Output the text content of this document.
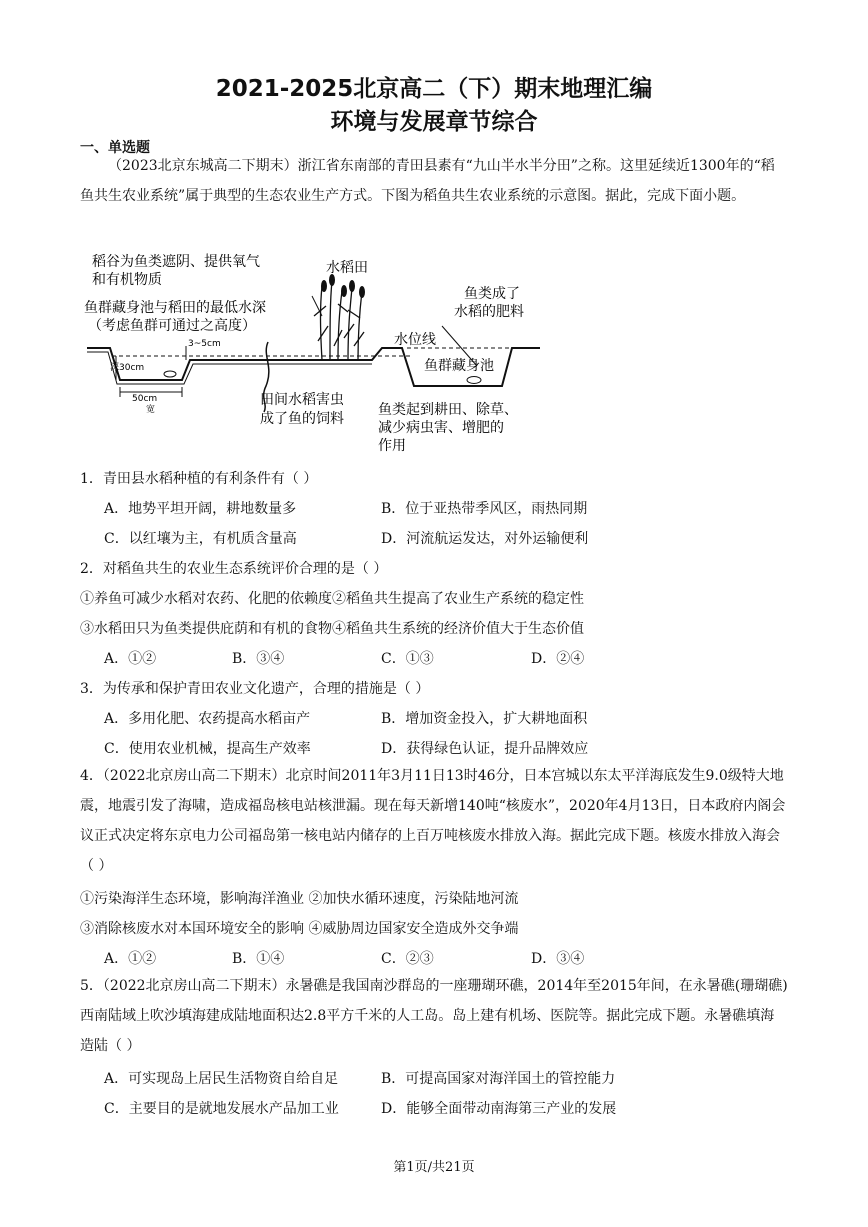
2021-2025北京高二（下）期末地理汇编
环境与发展章节综合
一、单选题
（2023北京东城高二下期末）浙江省东南部的青田县素有“九山半水半分田”之称。这里延续近1300年的“稻鱼共生农业系统”属于典型的生态农业生产方式。下图为稻鱼共生农业系统的示意图。据此，完成下面小题。
稻谷为鱼类遮阴、提供氧气
和有机物质
水稻田
鱼类成了
水稻的肥料
鱼群藏身池与稻田的最低水深
（考虑鱼群可通过之高度）
3~5cm	水位线
鱼群藏身池
深30cm
50cm
宽
田间水稻害虫
成了鱼的饲料
鱼类起到耕田、除草、
减少病虫害、增肥的
作用
1．青田县水稻种植的有利条件有（ ）
A．地势平坦开阔，耕地数量多	B．位于亚热带季风区，雨热同期
C．以红壤为主，有机质含量高	D．河流航运发达，对外运输便利
2．对稻鱼共生的农业生态系统评价合理的是（ ）
①养鱼可减少水稻对农药、化肥的依赖度②稻鱼共生提高了农业生产系统的稳定性
③水稻田只为鱼类提供庇荫和有机的食物④稻鱼共生系统的经济价值大于生态价值
A．①②	B．③④	C．①③	D．②④
3．为传承和保护青田农业文化遗产，合理的措施是（ ）
A．多用化肥、农药提高水稻亩产	B．增加资金投入，扩大耕地面积
C．使用农业机械，提高生产效率	D．获得绿色认证，提升品牌效应
4．（2022北京房山高二下期末）北京时间2011年3月11日13时46分，日本宫城以东太平洋海底发生9.0级特大地震，地震引发了海啸，造成福岛核电站核泄漏。现在每天新增140吨“核废水”，2020年4月13日，日本政府内阁会议正式决定将东京电力公司福岛第一核电站内储存的上百万吨核废水排放入海。据此完成下题。核废水排放入海会（ ）
①污染海洋生态环境，影响海洋渔业 ②加快水循环速度，污染陆地河流
③消除核废水对本国环境安全的影响 ④威胁周边国家安全造成外交争端
A．①②	B．①④	C．②③	D．③④
5．（2022北京房山高二下期末）永暑礁是我国南沙群岛的一座珊瑚环礁，2014年至2015年间，在永暑礁(珊瑚礁)西南陆域上吹沙填海建成陆地面积达2.8平方千米的人工岛。岛上建有机场、医院等。据此完成下题。永暑礁填海造陆（ ）
A．可实现岛上居民生活物资自给自足	B．可提高国家对海洋国土的管控能力
C．主要目的是就地发展水产品加工业	D．能够全面带动南海第三产业的发展
第1页/共21页
